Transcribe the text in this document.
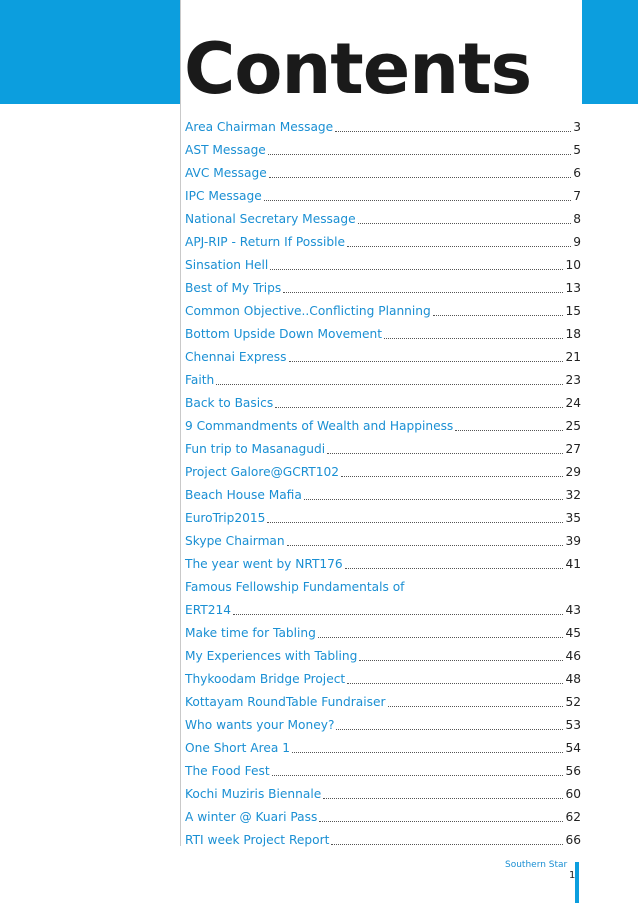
Contents
Area Chairman Message	3
AST Message	5
AVC Message	6
IPC Message	7
National Secretary Message	8
APJ-RIP - Return If Possible	9
Sinsation Hell	10
Best of My Trips	13
Common Objective..Conflicting Planning	15
Bottom Upside Down Movement	18
Chennai Express	21
Faith	23
Back to Basics	24
9 Commandments of Wealth and Happiness	25
Fun trip to Masanagudi	27
Project Galore@GCRT102	29
Beach House Mafia	32
EuroTrip2015	35
Skype Chairman	39
The year went by NRT176	41
Famous Fellowship Fundamentals of
ERT214	43
Make time for Tabling	45
My Experiences with Tabling	46
Thykoodam Bridge Project	48
Kottayam RoundTable Fundraiser	52
Who wants your Money?	53
One Short Area 1	54
The Food Fest	56
Kochi Muziris Biennale	60
A winter @ Kuari Pass	62
RTI week Project Report	66

Southern Star

1
